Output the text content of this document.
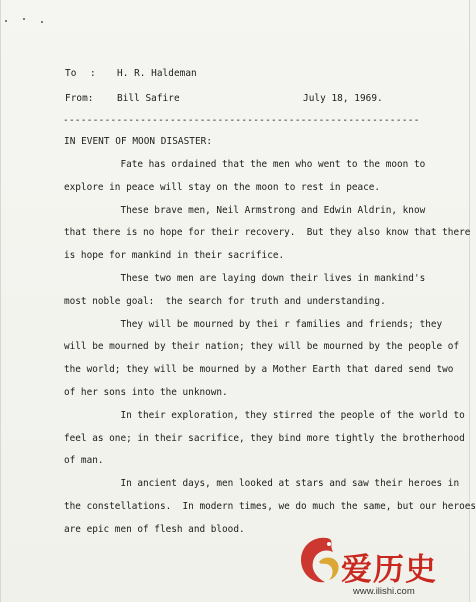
To : H. R. Haldeman
From:	Bill Safire	July 18, 1969.
------------------------------------------------------------
IN EVENT OF MOON DISASTER:
Fate has ordained that the men who went to the moon to
explore in peace will stay on the moon to rest in peace.
These brave men, Neil Armstrong and Edwin Aldrin, know
that there is no hope for their recovery.  But they also know that there
is hope for mankind in their sacrifice.
These two men are laying down their lives in mankind's
most noble goal:  the search for truth and understanding.
They will be mourned by thei r families and friends; they
will be mourned by their nation; they will be mourned by the people of
the world; they will be mourned by a Mother Earth that dared send two
of her sons into the unknown.
In their exploration, they stirred the people of the world to
feel as one; in their sacrifice, they bind more tightly the brotherhood
of man.
In ancient days, men looked at stars and saw their heroes in
the constellations.  In modern times, we do much the same, but our heroes
are epic men of flesh and blood.
爱历史
www.ilishi.com
